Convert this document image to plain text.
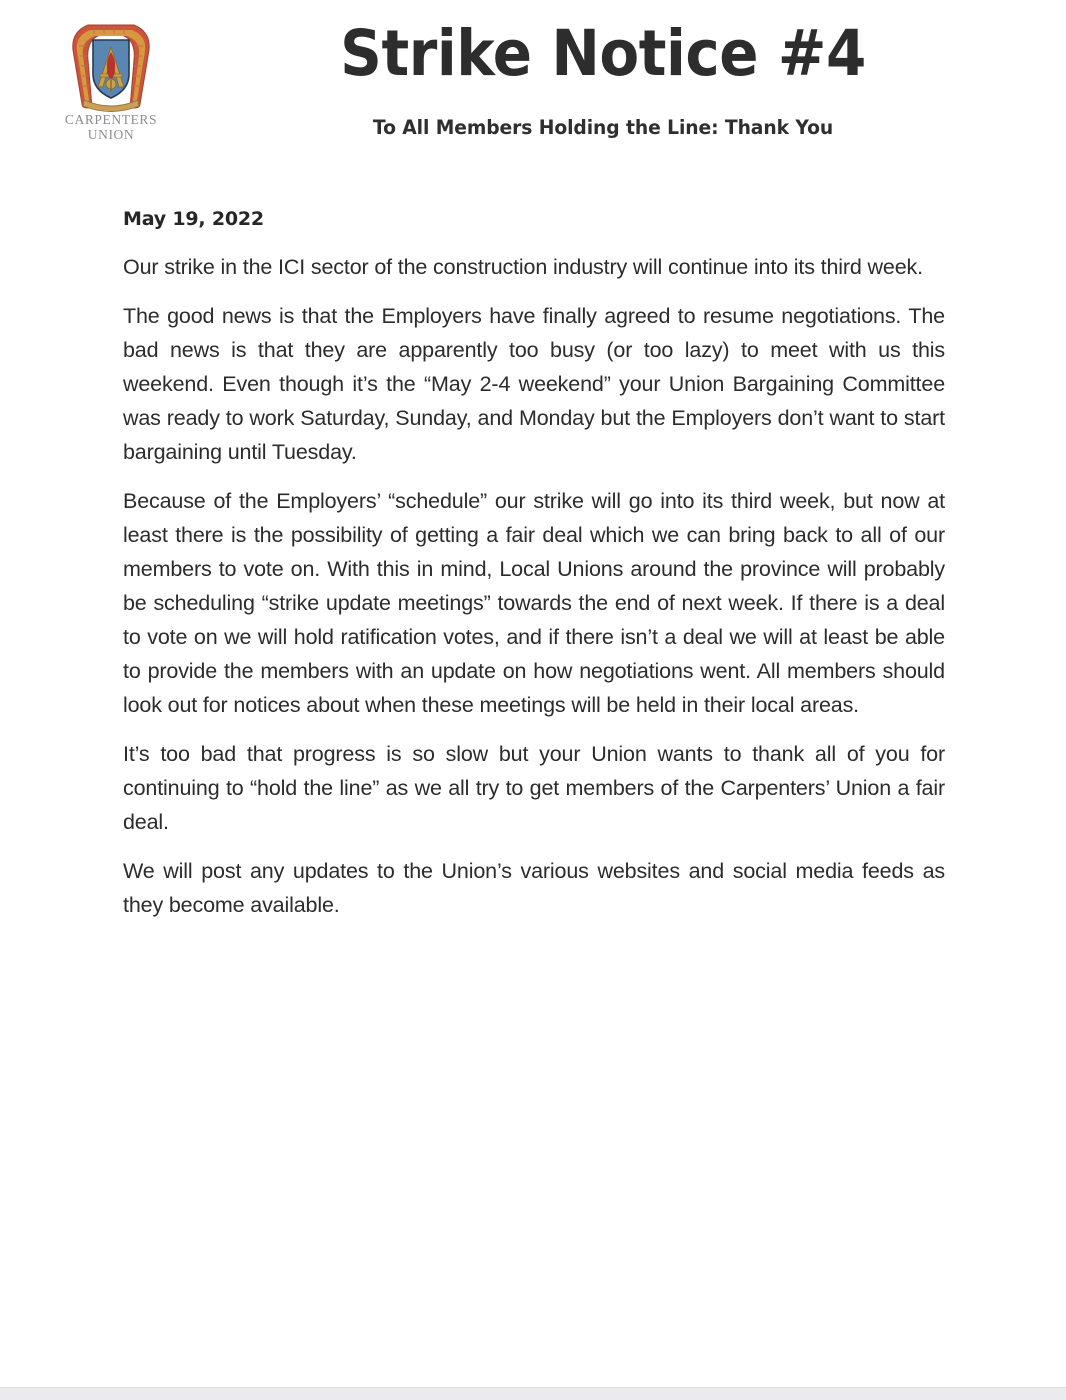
CARPENTERS
UNION
Strike Notice #4
To All Members Holding the Line: Thank You

May 19, 2022

Our strike in the ICI sector of the construction industry will continue into its third week.

The good news is that the Employers have finally agreed to resume negotiations. The bad news is that they are apparently too busy (or too lazy) to meet with us this weekend. Even though it’s the “May 2-4 weekend” your Union Bargaining Committee was ready to work Saturday, Sunday, and Monday but the Employers don’t want to start bargaining until Tuesday.

Because of the Employers’ “schedule” our strike will go into its third week, but now at least there is the possibility of getting a fair deal which we can bring back to all of our members to vote on. With this in mind, Local Unions around the province will probably be scheduling “strike update meetings” towards the end of next week. If there is a deal to vote on we will hold ratification votes, and if there isn’t a deal we will at least be able to provide the members with an update on how negotiations went. All members should look out for notices about when these meetings will be held in their local areas.

It’s too bad that progress is so slow but your Union wants to thank all of you for continuing to “hold the line” as we all try to get members of the Carpenters’ Union a fair deal.

We will post any updates to the Union’s various websites and social media feeds as they become available.
